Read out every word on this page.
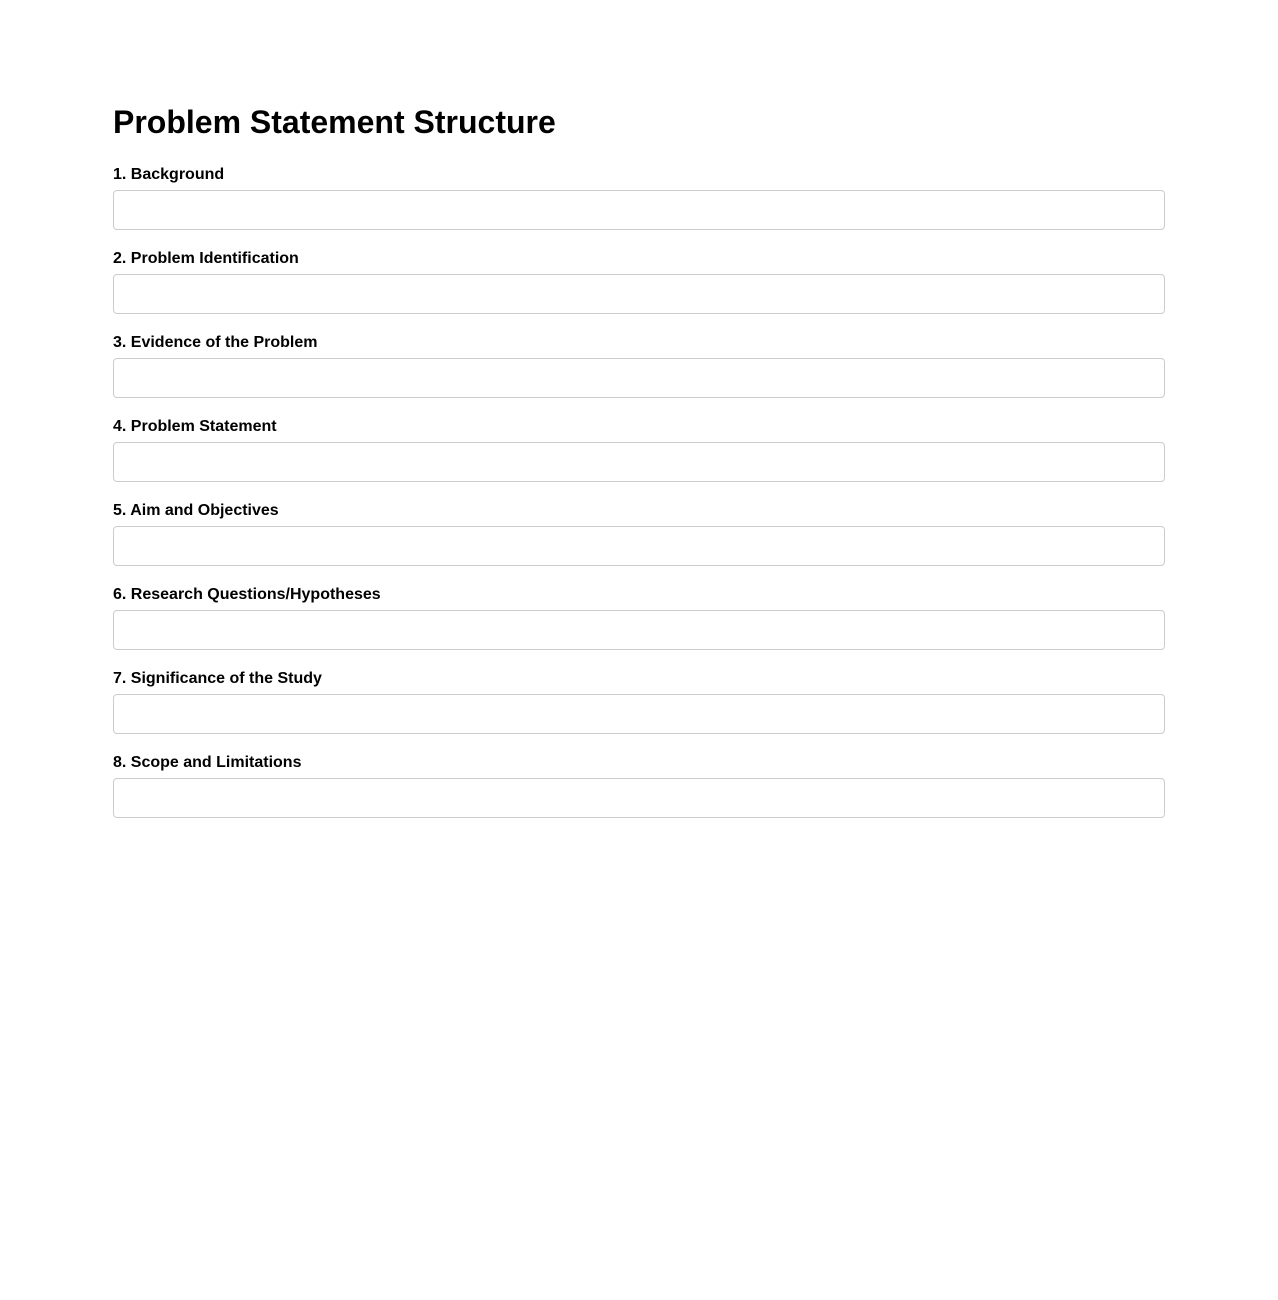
Problem Statement Structure
1. Background
2. Problem Identification
3. Evidence of the Problem
4. Problem Statement
5. Aim and Objectives
6. Research Questions/Hypotheses
7. Significance of the Study
8. Scope and Limitations
